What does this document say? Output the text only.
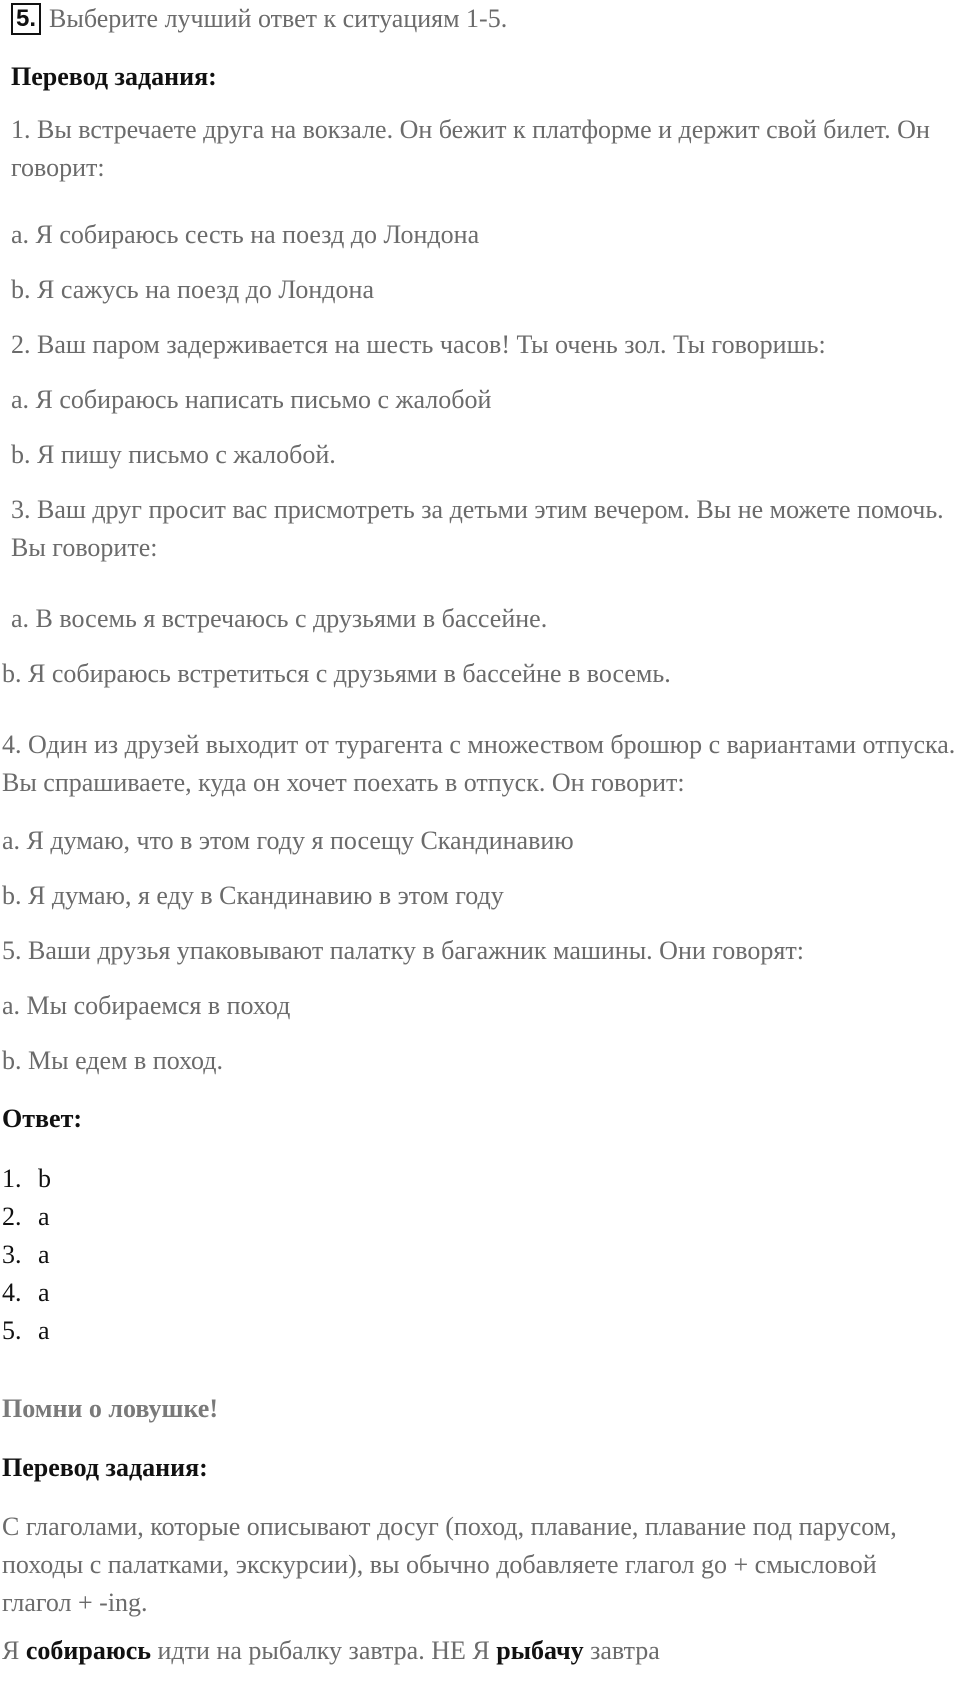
5. Выберите лучший ответ к ситуациям 1-5.
Перевод задания:
1. Вы встречаете друга на вокзале. Он бежит к платформе и держит свой билет. Он говорит:
a. Я собираюсь сесть на поезд до Лондона
b. Я сажусь на поезд до Лондона
2. Ваш паром задерживается на шесть часов! Ты очень зол. Ты говоришь:
a. Я собираюсь написать письмо с жалобой
b. Я пишу письмо с жалобой.
3. Ваш друг просит вас присмотреть за детьми этим вечером. Вы не можете помочь. Вы говорите:
a. В восемь я встречаюсь с друзьями в бассейне.
b. Я собираюсь встретиться с друзьями в бассейне в восемь.
4. Один из друзей выходит от турагента с множеством брошюр с вариантами отпуска. Вы спрашиваете, куда он хочет поехать в отпуск. Он говорит:
a. Я думаю, что в этом году я посещу Скандинавию
b. Я думаю, я еду в Скандинавию в этом году
5. Ваши друзья упаковывают палатку в багажник машины. Они говорят:
a. Мы собираемся в поход
b. Мы едем в поход.
Ответ:
1. b
2. a
3. a
4. a
5. a
Помни о ловушке!
Перевод задания:
С глаголами, которые описывают досуг (поход, плавание, плавание под парусом, походы с палатками, экскурсии), вы обычно добавляете глагол go + смысловой глагол + -ing.
Я собираюсь идти на рыбалку завтра. НЕ Я рыбачу завтра
